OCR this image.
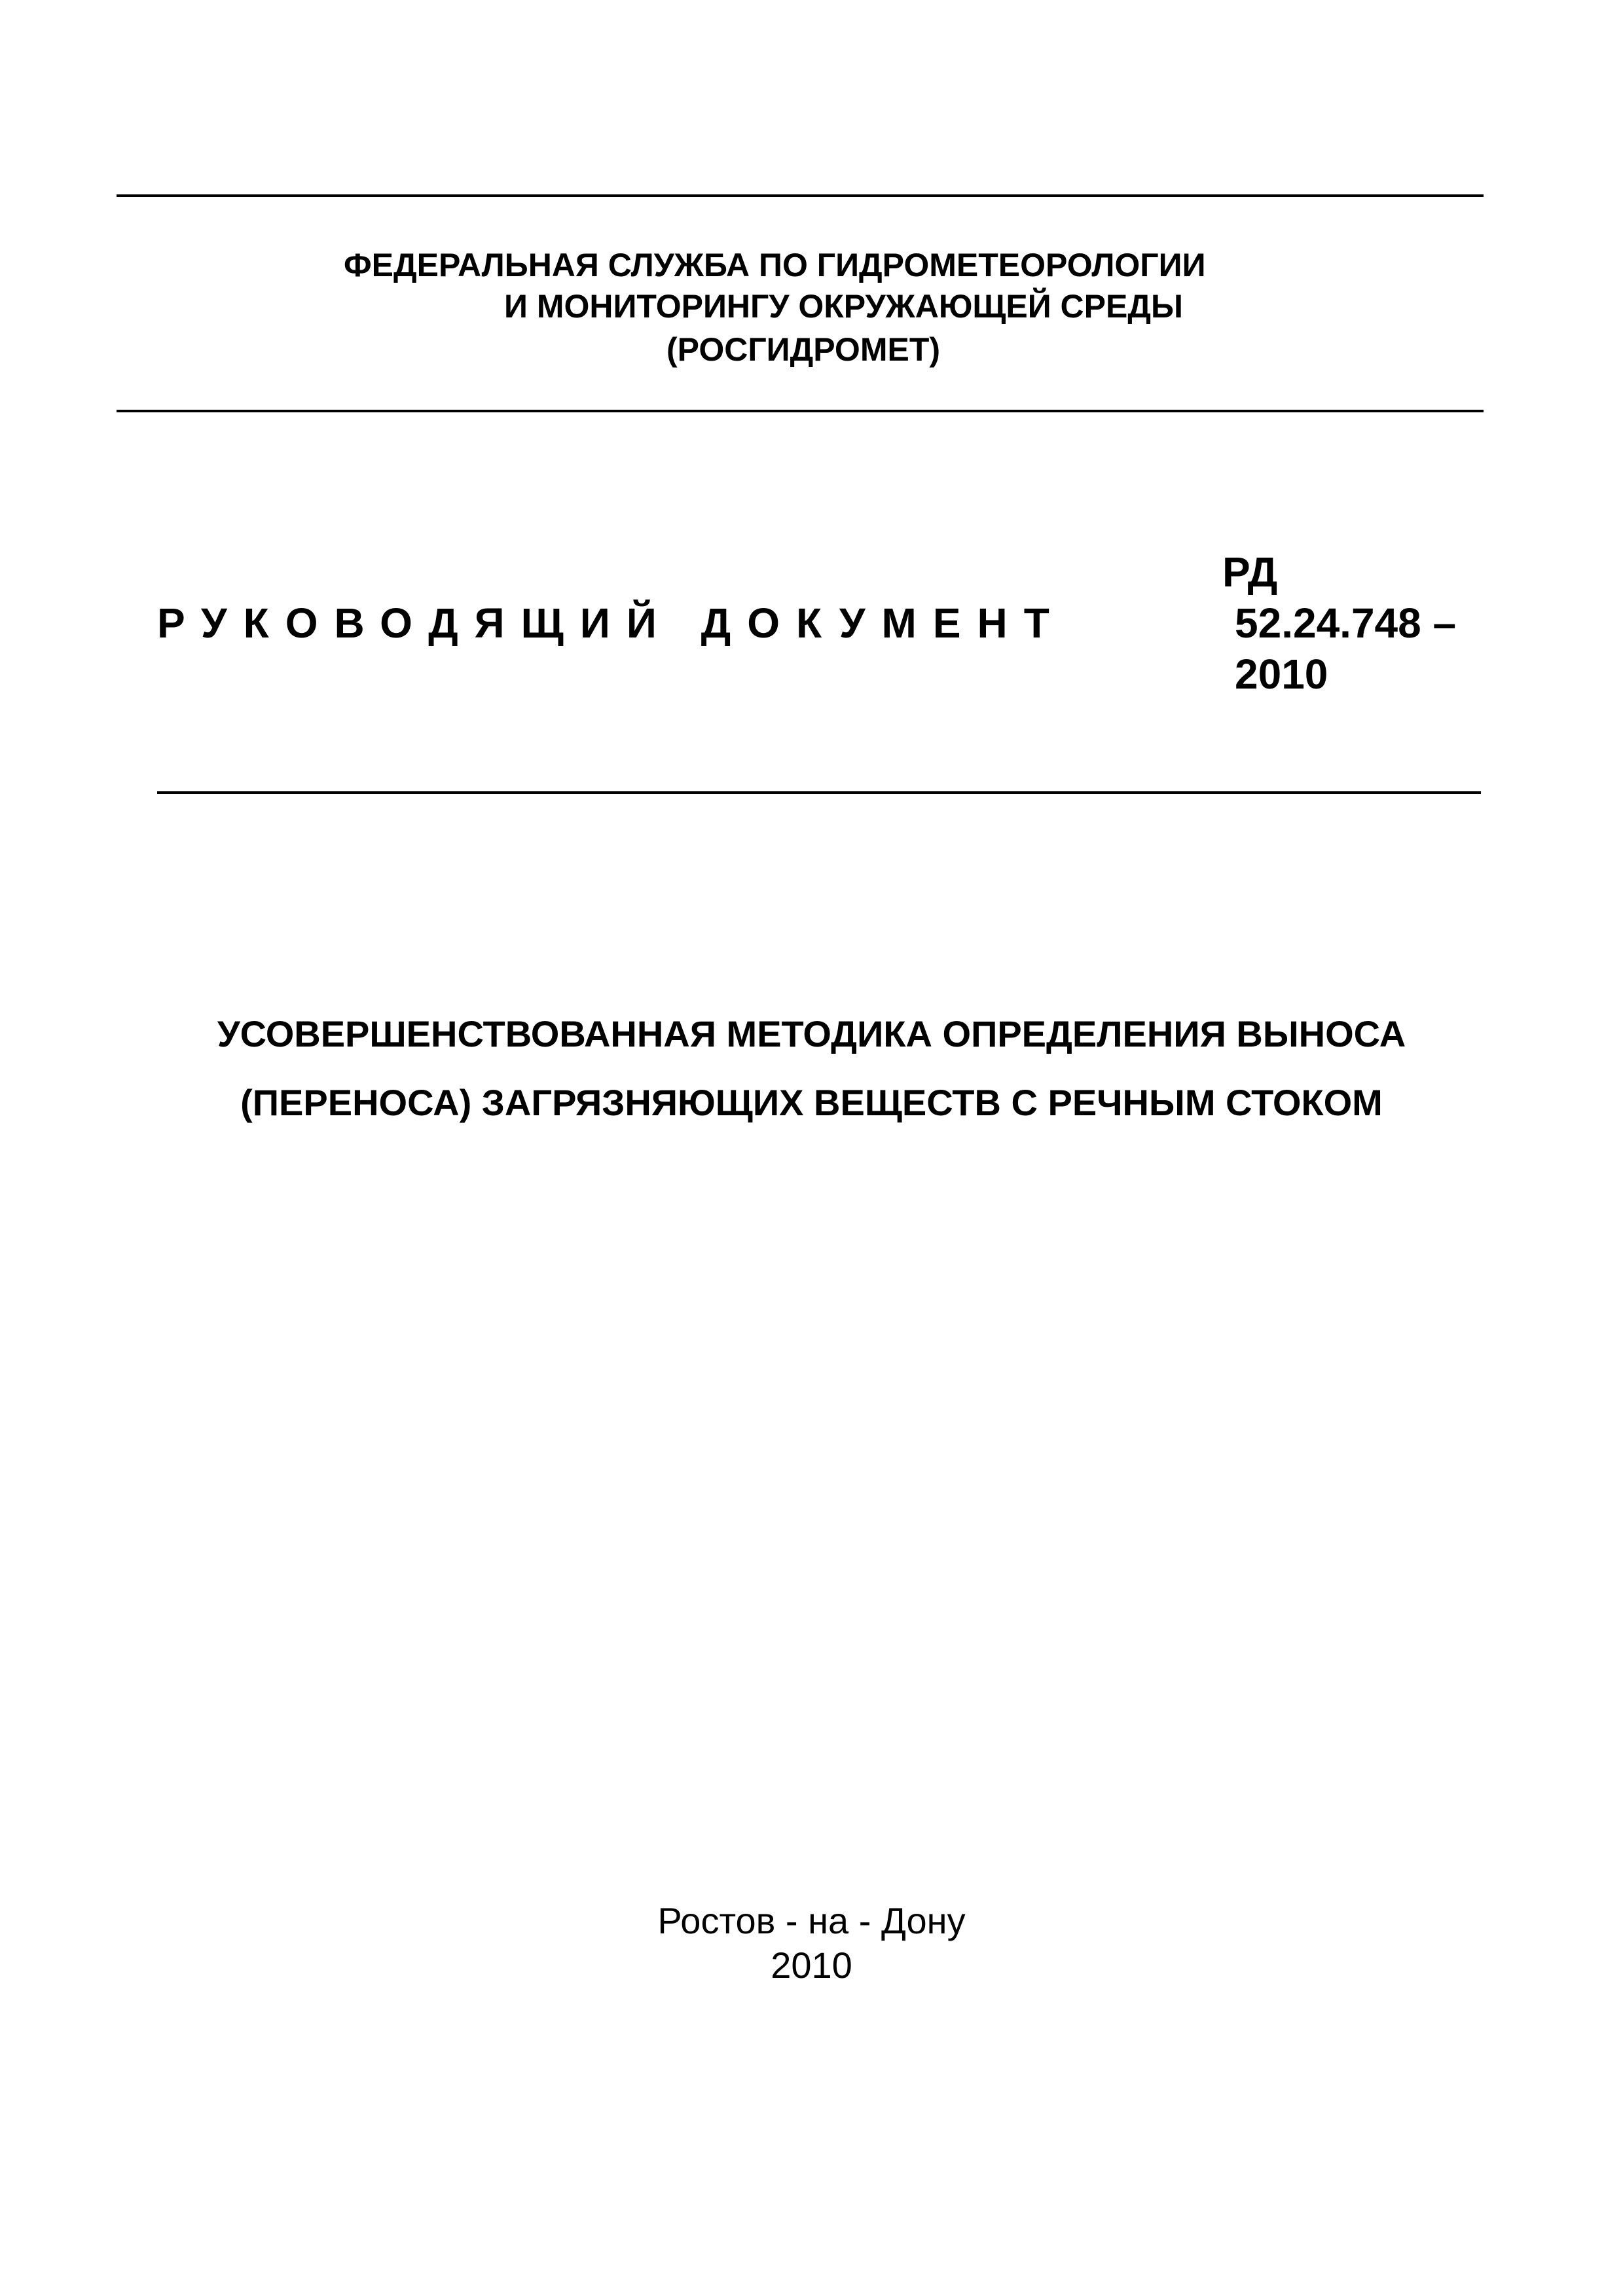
ФЕДЕРАЛЬНАЯ СЛУЖБА ПО ГИДРОМЕТЕОРОЛОГИИ
И МОНИТОРИНГУ ОКРУЖАЮЩЕЙ СРЕДЫ
(РОСГИДРОМЕТ)
РУКОВОДЯЩИЙ ДОКУМЕНТ
РД
52.24.748 –
2010
УСОВЕРШЕНСТВОВАННАЯ МЕТОДИКА ОПРЕДЕЛЕНИЯ ВЫНОСА
(ПЕРЕНОСА) ЗАГРЯЗНЯЮЩИХ ВЕЩЕСТВ С РЕЧНЫМ СТОКОМ
Ростов - на - Дону
2010
